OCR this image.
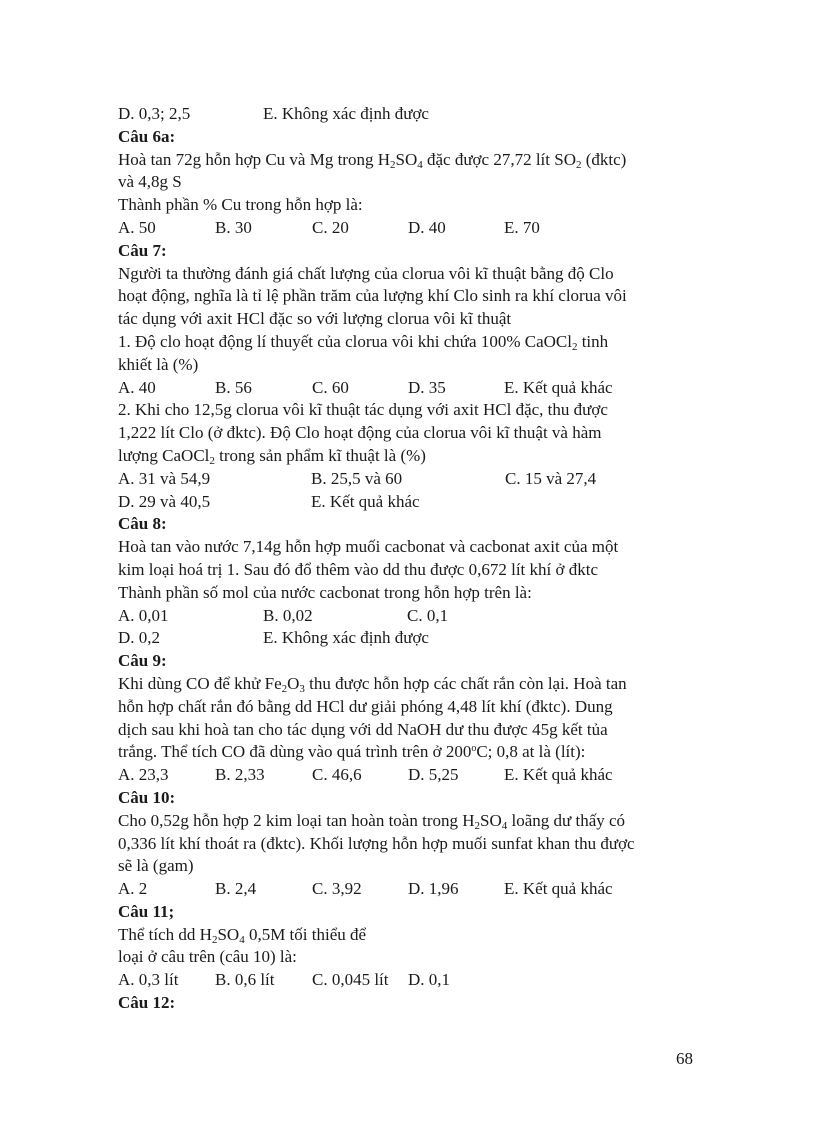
D. 0,3; 2,5	E. Không xác định được
Câu 6a:
Hoà tan 72g hỗn hợp Cu và Mg trong $H_2SO_4$ đặc được 27,72 lít $SO_2$ (đktc)
và 4,8g S
Thành phần % Cu trong hỗn hợp là:
A. 50	B. 30	C. 20	D. 40	E. 70
Câu 7:
Người ta thường đánh giá chất lượng của clorua vôi kĩ thuật bằng độ Clo
hoạt động, nghĩa là tỉ lệ phần trăm của lượng khí Clo sinh ra khí clorua vôi
tác dụng với axit HCl đặc so với lượng clorua vôi kĩ thuật
1. Độ clo hoạt động lí thuyết của clorua vôi khi chứa 100% CaOCl$_2$ tinh
khiết là (%)
A. 40	B. 56	C. 60	D. 35	E. Kết quả khác
2. Khi cho 12,5g clorua vôi kĩ thuật tác dụng với axit HCl đặc, thu được
1,222 lít Clo (ở đktc). Độ Clo hoạt động của clorua vôi kĩ thuật và hàm
lượng CaOCl$_2$ trong sản phẩm kĩ thuật là (%)
A. 31 và 54,9	B. 25,5 và 60	C. 15 và 27,4
D. 29 và 40,5	E. Kết quả khác
Câu 8:
Hoà tan vào nước 7,14g hỗn hợp muối cacbonat và cacbonat axit của một
kim loại hoá trị 1. Sau đó đổ thêm vào dd thu được 0,672 lít khí ở đktc
Thành phần số mol của nước cacbonat trong hỗn hợp trên là:
A. 0,01	B. 0,02	C. 0,1
D. 0,2	E. Không xác định được
Câu 9:
Khi dùng CO để khử $Fe_2O_3$ thu được hỗn hợp các chất rắn còn lại. Hoà tan
hỗn hợp chất rắn đó bằng dd HCl dư giải phóng 4,48 lít khí (đktc). Dung
dịch sau khi hoà tan cho tác dụng với dd NaOH dư thu được 45g kết tủa
trắng. Thể tích CO đã dùng vào quá trình trên ở 200$^o$C; 0,8 at là (lít):
A. 23,3	B. 2,33	C. 46,6	D. 5,25	E. Kết quả khác
Câu 10:
Cho 0,52g hỗn hợp 2 kim loại tan hoàn toàn trong $H_2SO_4$ loãng dư thấy có
0,336 lít khí thoát ra (đktc). Khối lượng hỗn hợp muối sunfat khan thu được
sẽ là (gam)
A. 2	B. 2,4	C. 3,92	D. 1,96	E. Kết quả khác
Câu 11;
Thể tích dd $H_2SO_4$ 0,5M tối thiểu để
loại ở câu trên (câu 10) là:
A. 0,3 lít B. 0,6 lít C. 0,045 lít D. 0,1
Câu 12:
68
